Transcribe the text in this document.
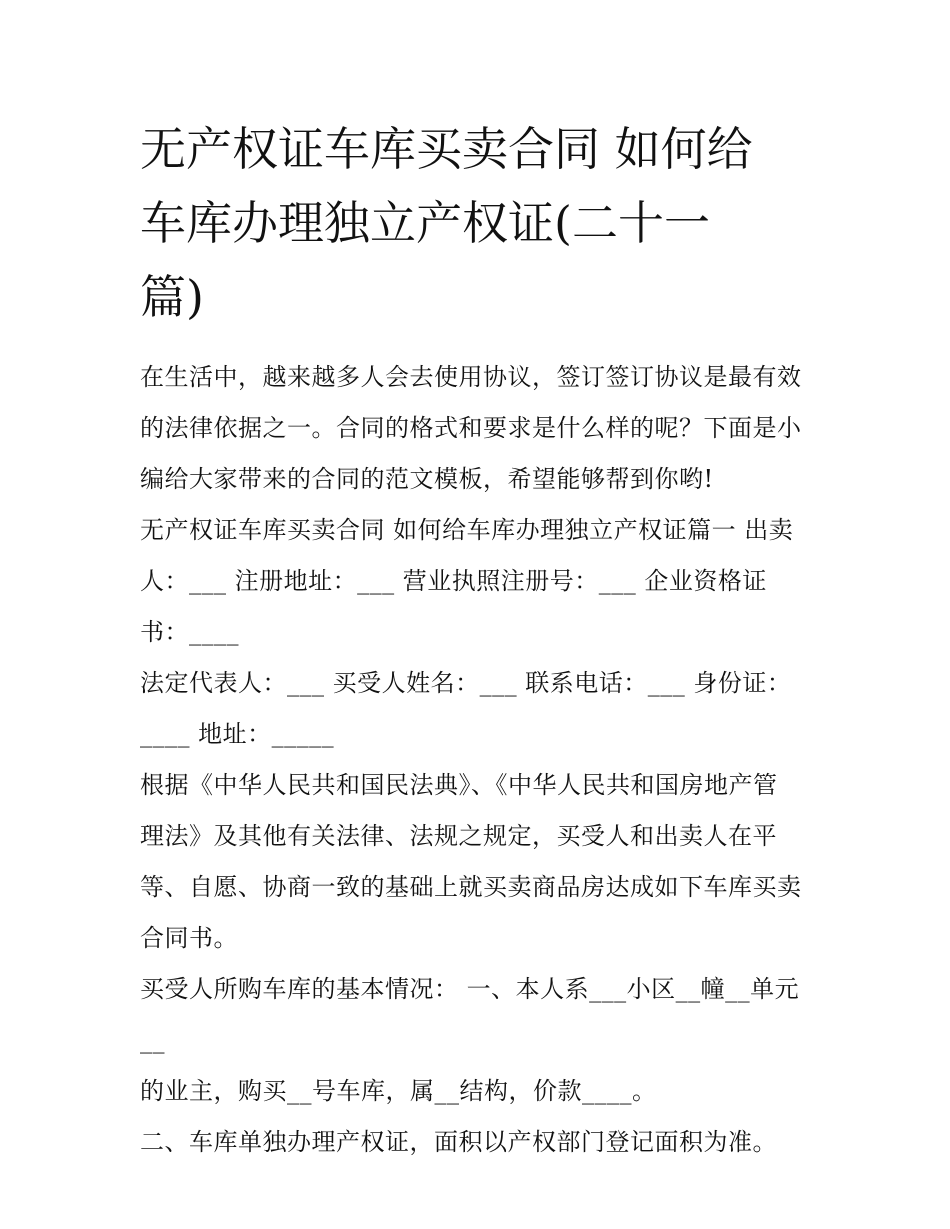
无产权证车库买卖合同 如何给
车库办理独立产权证(二十一
篇)

在生活中，越来越多人会去使用协议，签订签订协议是最有效
的法律依据之一。合同的格式和要求是什么样的呢？下面是小
编给大家带来的合同的范文模板，希望能够帮到你哟!

无产权证车库买卖合同 如何给车库办理独立产权证篇一 出卖
人：___ 注册地址：___ 营业执照注册号：___ 企业资格证
书：____

法定代表人：___ 买受人姓名：___ 联系电话：___ 身份证：
____ 地址：_____

根据《中华人民共和国民法典》、《中华人民共和国房地产管
理法》及其他有关法律、法规之规定，买受人和出卖人在平
等、自愿、协商一致的基础上就买卖商品房达成如下车库买卖
合同书。

买受人所购车库的基本情况： 一、本人系___小区__幢__单元__
的业主，购买__号车库，属__结构，价款____。

二、车库单独办理产权证，面积以产权部门登记面积为准。
